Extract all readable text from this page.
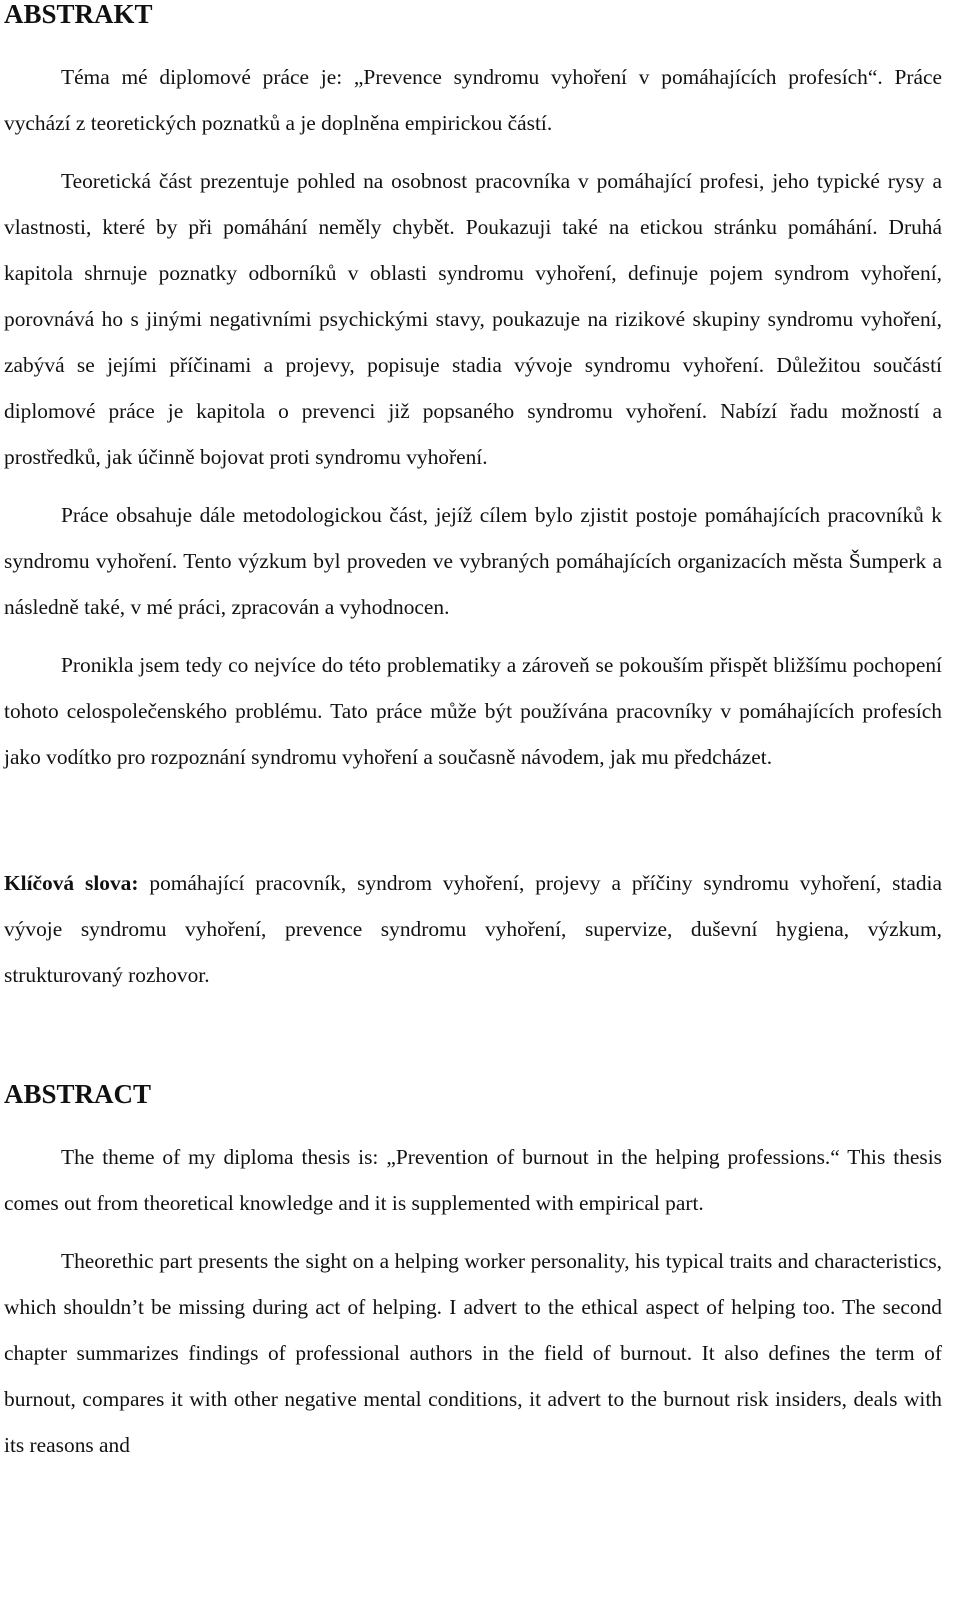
ABSTRAKT

Téma mé diplomové práce je: „Prevence syndromu vyhoření v pomáhajících profesích“. Práce vychází z teoretických poznatků a je doplněna empirickou částí.

Teoretická část prezentuje pohled na osobnost pracovníka v pomáhající profesi, jeho typické rysy a vlastnosti, které by při pomáhání neměly chybět. Poukazuji také na etickou stránku pomáhání. Druhá kapitola shrnuje poznatky odborníků v oblasti syndromu vyhoření, definuje pojem syndrom vyhoření, porovnává ho s jinými negativními psychickými stavy, poukazuje na rizikové skupiny syndromu vyhoření, zabývá se jejími příčinami a projevy, popisuje stadia vývoje syndromu vyhoření. Důležitou součástí diplomové práce je kapitola o prevenci již popsaného syndromu vyhoření. Nabízí řadu možností a prostředků, jak účinně bojovat proti syndromu vyhoření.

Práce obsahuje dále metodologickou část, jejíž cílem bylo zjistit postoje pomáhajících pracovníků k syndromu vyhoření. Tento výzkum byl proveden ve vybraných pomáhajících organizacích města Šumperk a následně také, v mé práci, zpracován a vyhodnocen.

Pronikla jsem tedy co nejvíce do této problematiky a zároveň se pokouším přispět bližšímu pochopení tohoto celospolečenského problému. Tato práce může být používána pracovníky v pomáhajících profesích jako vodítko pro rozpoznání syndromu vyhoření a současně návodem, jak mu předcházet.

Klíčová slova: pomáhající pracovník, syndrom vyhoření, projevy a příčiny syndromu vyhoření, stadia vývoje syndromu vyhoření, prevence syndromu vyhoření, supervize, duševní hygiena, výzkum, strukturovaný rozhovor.

ABSTRACT

The theme of my diploma thesis is: „Prevention of burnout in the helping professions.“ This thesis comes out from theoretical knowledge and it is supplemented with empirical part.

Theorethic part presents the sight on a helping worker personality, his typical traits and characteristics, which shouldn’t be missing during act of helping. I advert to the ethical aspect of helping too. The second chapter summarizes findings of professional authors in the field of burnout. It also defines the term of burnout, compares it with other negative mental conditions, it advert to the burnout risk insiders, deals with its reasons and
